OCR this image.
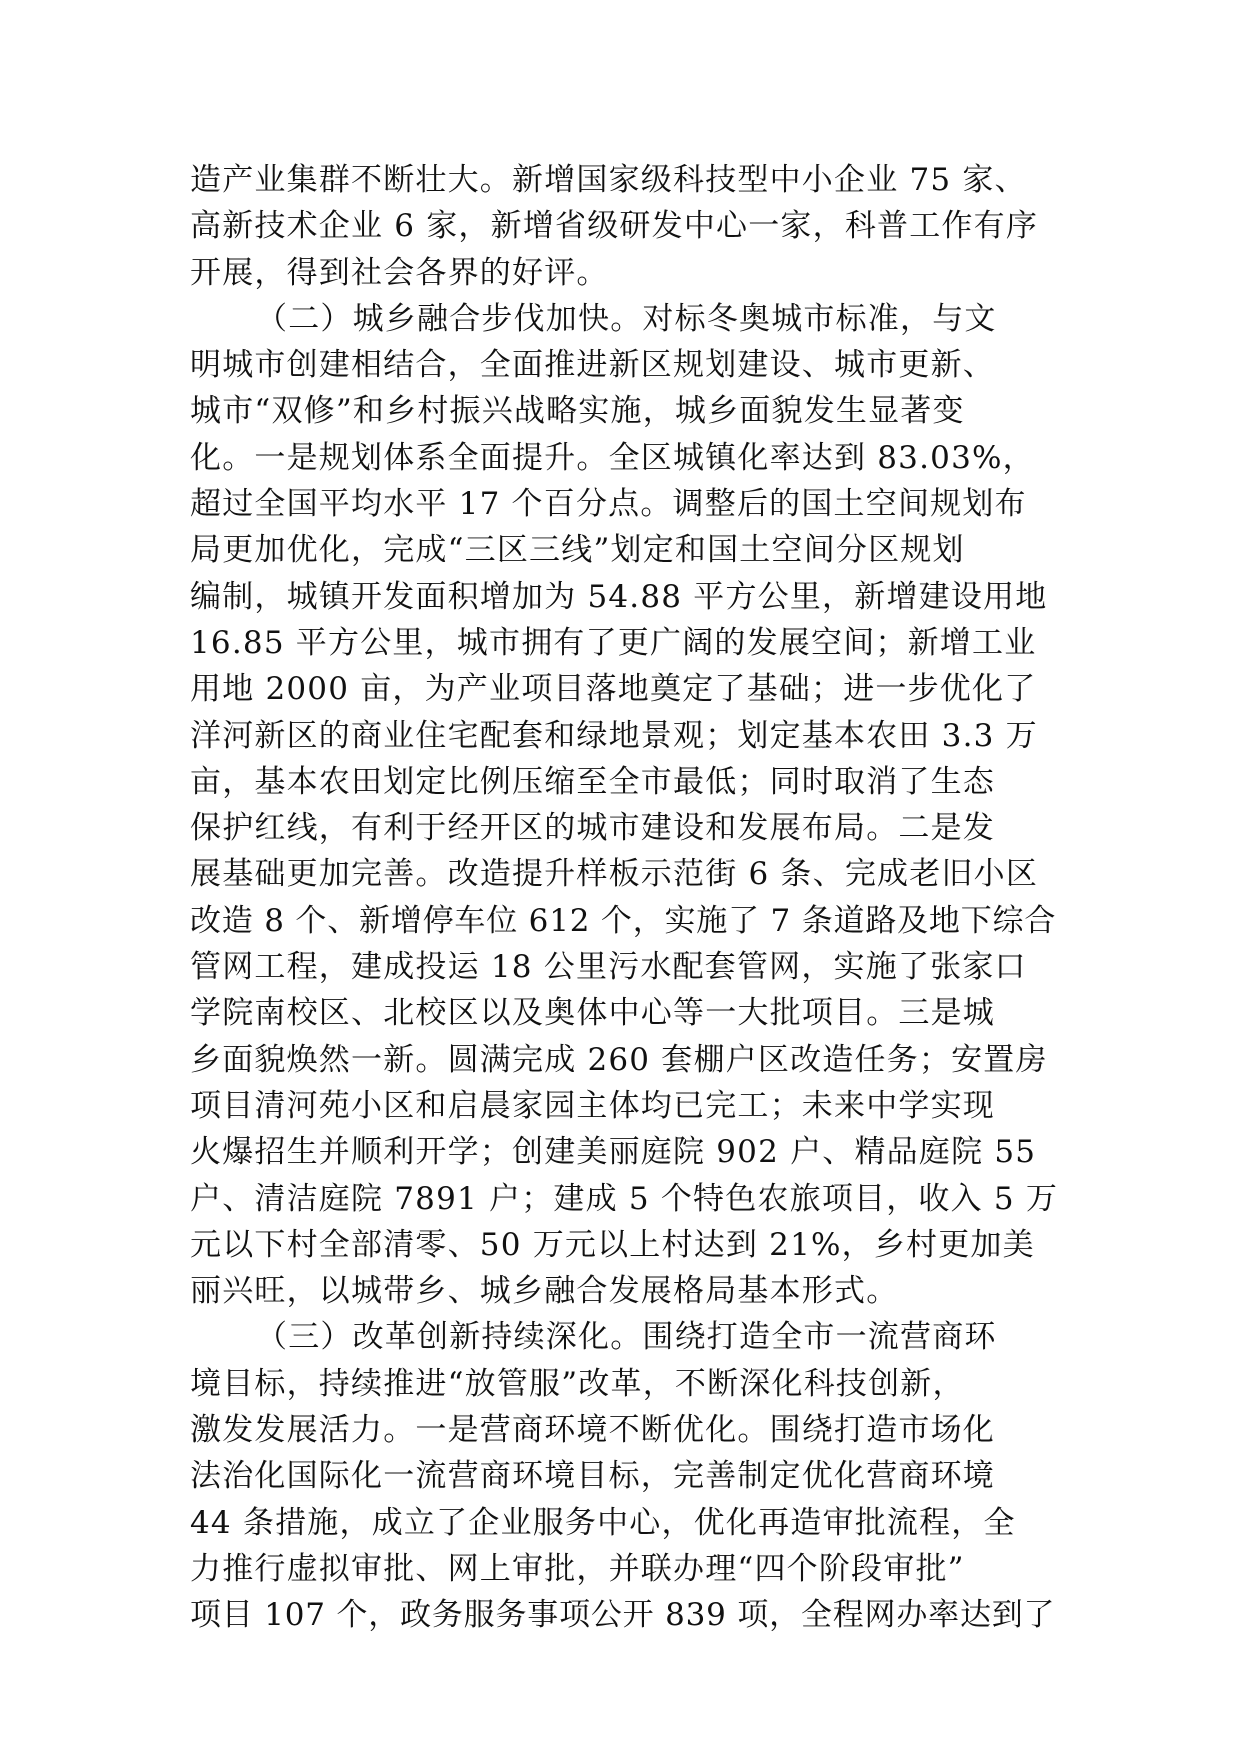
造产业集群不断壮大。新增国家级科技型中小企业 75 家、
高新技术企业 6 家，新增省级研发中心一家，科普工作有序
开展，得到社会各界的好评。
（二）城乡融合步伐加快。对标冬奥城市标准，与文
明城市创建相结合，全面推进新区规划建设、城市更新、
城市“双修”和乡村振兴战略实施，城乡面貌发生显著变
化。一是规划体系全面提升。全区城镇化率达到 83.03%，
超过全国平均水平 17 个百分点。调整后的国土空间规划布
局更加优化，完成“三区三线”划定和国土空间分区规划
编制，城镇开发面积增加为 54.88 平方公里，新增建设用地
16.85 平方公里，城市拥有了更广阔的发展空间；新增工业
用地 2000 亩，为产业项目落地奠定了基础；进一步优化了
洋河新区的商业住宅配套和绿地景观；划定基本农田 3.3 万
亩，基本农田划定比例压缩至全市最低；同时取消了生态
保护红线，有利于经开区的城市建设和发展布局。二是发
展基础更加完善。改造提升样板示范街 6 条、完成老旧小区
改造 8 个、新增停车位 612 个，实施了 7 条道路及地下综合
管网工程，建成投运 18 公里污水配套管网，实施了张家口
学院南校区、北校区以及奥体中心等一大批项目。三是城
乡面貌焕然一新。圆满完成 260 套棚户区改造任务；安置房
项目清河苑小区和启晨家园主体均已完工；未来中学实现
火爆招生并顺利开学；创建美丽庭院 902 户、精品庭院 55
户、清洁庭院 7891 户；建成 5 个特色农旅项目，收入 5 万
元以下村全部清零、50 万元以上村达到 21%，乡村更加美
丽兴旺，以城带乡、城乡融合发展格局基本形式。
（三）改革创新持续深化。围绕打造全市一流营商环
境目标，持续推进“放管服”改革，不断深化科技创新，
激发发展活力。一是营商环境不断优化。围绕打造市场化
法治化国际化一流营商环境目标，完善制定优化营商环境
44 条措施，成立了企业服务中心，优化再造审批流程，全
力推行虚拟审批、网上审批，并联办理“四个阶段审批”
项目 107 个，政务服务事项公开 839 项，全程网办率达到了
